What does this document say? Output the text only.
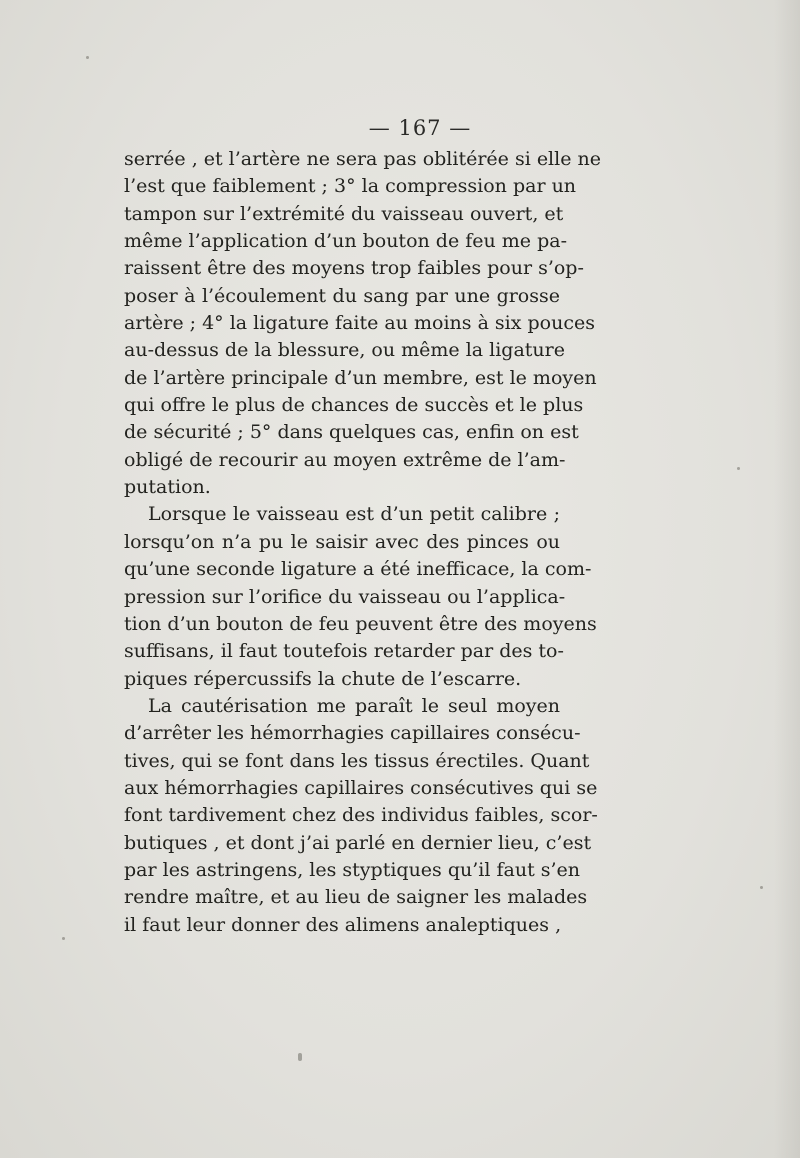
— 167 —
serrée , et l’artère ne sera pas oblitérée si elle ne
l’est que faiblement ; 3° la compression par un
tampon sur l’extrémité du vaisseau ouvert, et
même l’application d’un bouton de feu me pa-
raissent être des moyens trop faibles pour s’op-
poser à l’écoulement du sang par une grosse
artère ; 4° la ligature faite au moins à six pouces
au-dessus de la blessure, ou même la ligature
de l’artère principale d’un membre, est le moyen
qui offre le plus de chances de succès et le plus
de sécurité ; 5° dans quelques cas, enfin on est
obligé de recourir au moyen extrême de l’am-
putation.
Lorsque le vaisseau est d’un petit calibre ;
lorsqu’on n’a pu le saisir avec des pinces ou
qu’une seconde ligature a été inefficace, la com-
pression sur l’orifice du vaisseau ou l’applica-
tion d’un bouton de feu peuvent être des moyens
suffisans, il faut toutefois retarder par des to-
piques répercussifs la chute de l’escarre.
La cautérisation me paraît le seul moyen
d’arrêter les hémorrhagies capillaires consécu-
tives, qui se font dans les tissus érectiles. Quant
aux hémorrhagies capillaires consécutives qui se
font tardivement chez des individus faibles, scor-
butiques , et dont j’ai parlé en dernier lieu, c’est
par les astringens, les styptiques qu’il faut s’en
rendre maître, et au lieu de saigner les malades
il faut leur donner des alimens analeptiques ,
